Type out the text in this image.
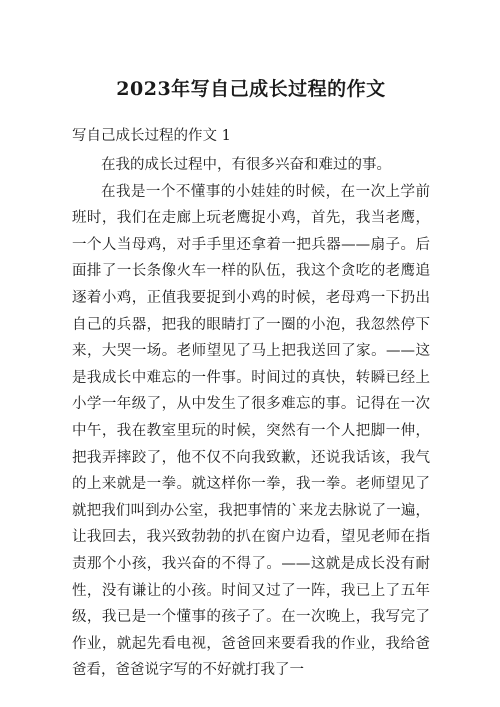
2023年写自己成长过程的作文

写自己成长过程的作文 1

在我的成长过程中，有很多兴奋和难过的事。

在我是一个不懂事的小娃娃的时候，在一次上学前班时，我们在走廊上玩老鹰捉小鸡，首先，我当老鹰，一个人当母鸡，对手手里还拿着一把兵器——扇子。后面排了一长条像火车一样的队伍，我这个贪吃的老鹰追逐着小鸡，正值我要捉到小鸡的时候，老母鸡一下扔出自己的兵器，把我的眼睛打了一圈的小泡，我忽然停下来，大哭一场。老师望见了马上把我送回了家。——这是我成长中难忘的一件事。时间过的真快，转瞬已经上小学一年级了，从中发生了很多难忘的事。记得在一次中午，我在教室里玩的时候，突然有一个人把脚一伸，把我弄摔跤了，他不仅不向我致歉，还说我话该，我气的上来就是一拳。就这样你一拳，我一拳。老师望见了就把我们叫到办公室，我把事情的`来龙去脉说了一遍，让我回去，我兴致勃勃的扒在窗户边看，望见老师在指责那个小孩，我兴奋的不得了。——这就是成长没有耐性，没有谦让的小孩。时间又过了一阵，我已上了五年级，我已是一个懂事的孩子了。在一次晚上，我写完了作业，就起先看电视，爸爸回来要看我的作业，我给爸爸看，爸爸说字写的不好就打我了一
